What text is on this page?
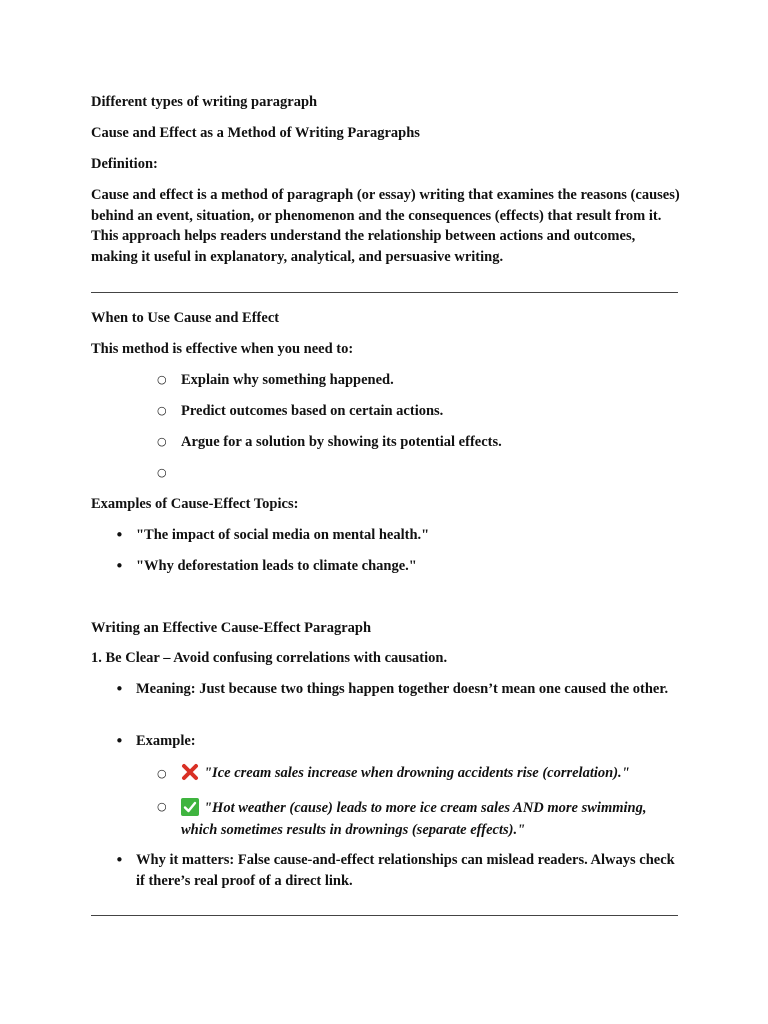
Different types of writing paragraph
Cause and Effect as a Method of Writing Paragraphs
Definition:
Cause and effect is a method of paragraph (or essay) writing that examines the reasons (causes) behind an event, situation, or phenomenon and the consequences (effects) that result from it. This approach helps readers understand the relationship between actions and outcomes, making it useful in explanatory, analytical, and persuasive writing.
When to Use Cause and Effect
This method is effective when you need to:
○ Explain why something happened.
○ Predict outcomes based on certain actions.
○ Argue for a solution by showing its potential effects.
○
Examples of Cause-Effect Topics:
• "The impact of social media on mental health."
• "Why deforestation leads to climate change."
Writing an Effective Cause-Effect Paragraph
1. Be Clear – Avoid confusing correlations with causation.
• Meaning: Just because two things happen together doesn’t mean one caused the other.
• Example:
○	"Ice cream sales increase when drowning accidents rise (correlation)."
○	"Hot weather (cause) leads to more ice cream sales AND more swimming, which sometimes results in drownings (separate effects)."
• Why it matters: False cause-and-effect relationships can mislead readers. Always check if there’s real proof of a direct link.
